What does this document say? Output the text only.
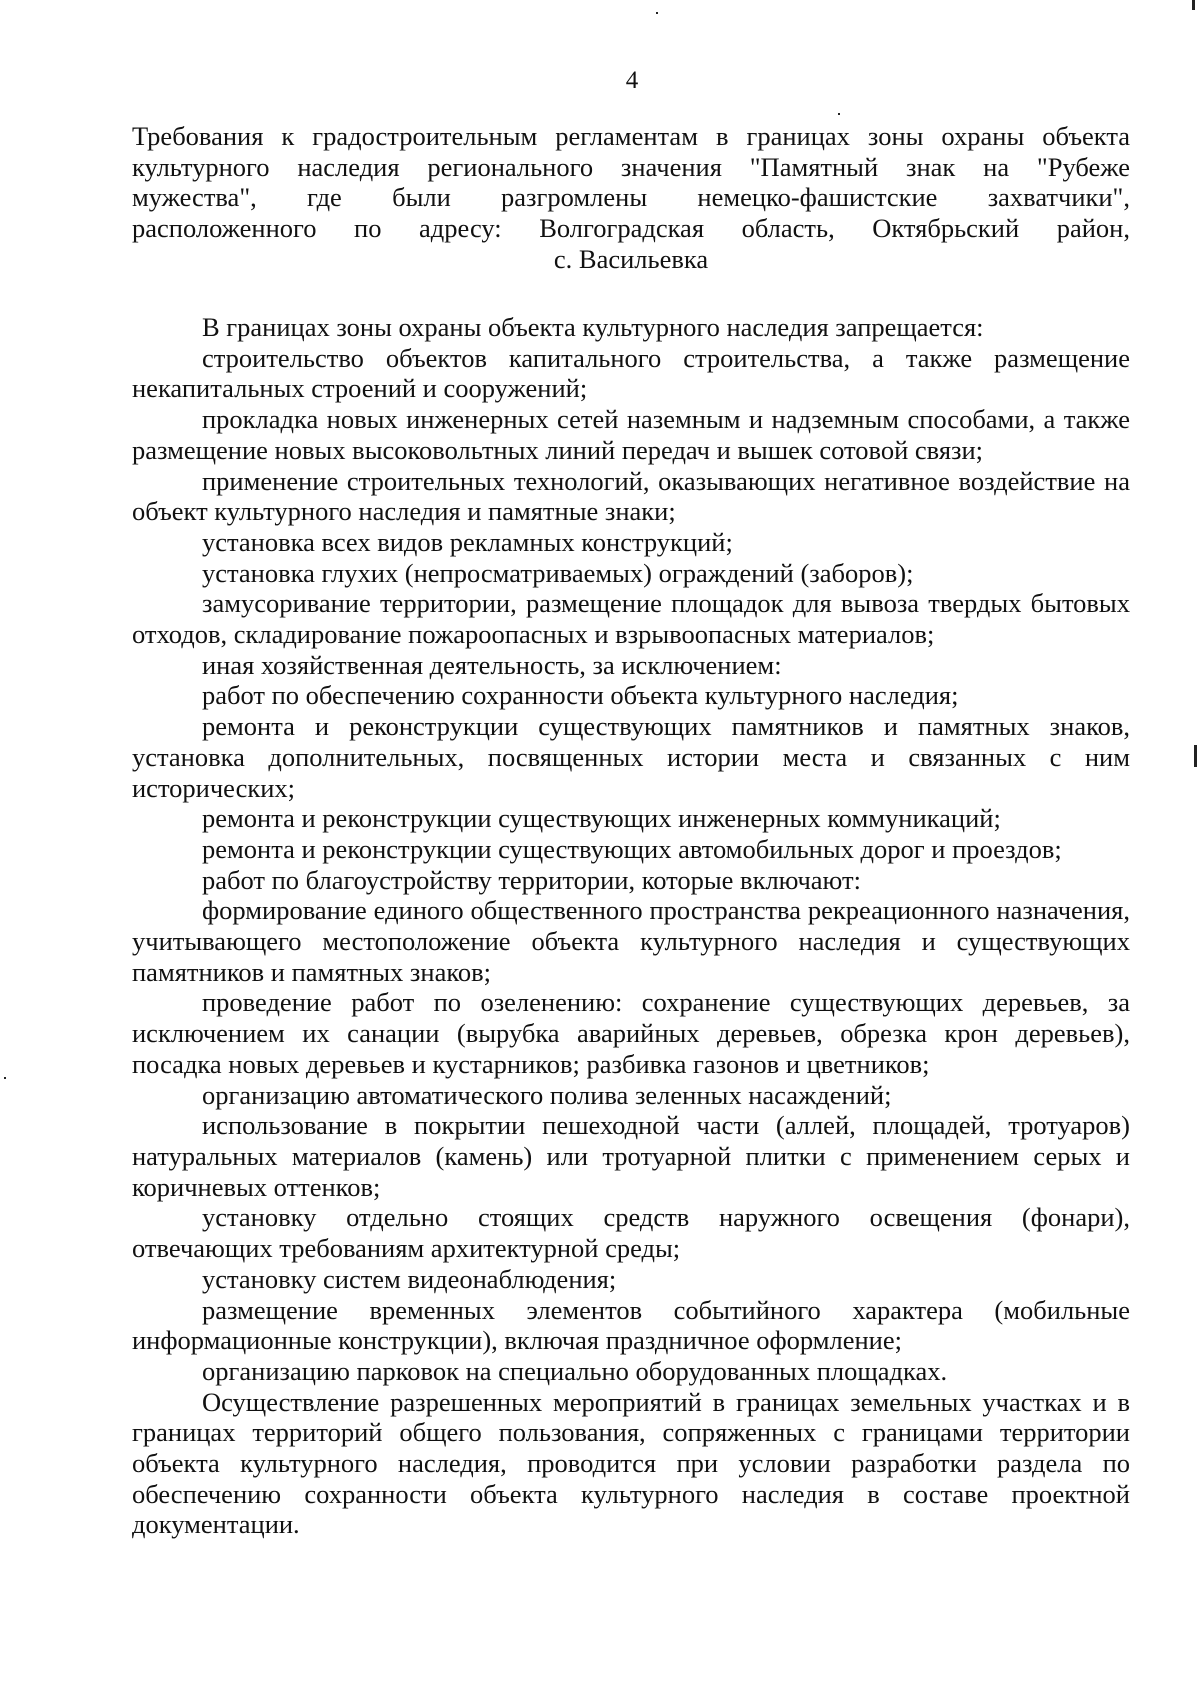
4

Требования к градостроительным регламентам в границах зоны охраны объекта
культурного наследия регионального значения "Памятный знак на "Рубеже
мужества", где были разгромлены немецко-фашистские захватчики",
расположенного по адресу: Волгоградская область, Октябрьский район,
с. Васильевка

В границах зоны охраны объекта культурного наследия запрещается:

строительство объектов капитального строительства, а также размещение некапитальных строений и сооружений;

прокладка новых инженерных сетей наземным и надземным способами, а также размещение новых высоковольтных линий передач и вышек сотовой связи;

применение строительных технологий, оказывающих негативное воздействие на объект культурного наследия и памятные знаки;

установка всех видов рекламных конструкций;

установка глухих (непросматриваемых) ограждений (заборов);

замусоривание территории, размещение площадок для вывоза твердых бытовых отходов, складирование пожароопасных и взрывоопасных материалов;

иная хозяйственная деятельность, за исключением:

работ по обеспечению сохранности объекта культурного наследия;

ремонта и реконструкции существующих памятников и памятных знаков, установка дополнительных, посвященных истории места и связанных с ним исторических;

ремонта и реконструкции существующих инженерных коммуникаций;

ремонта и реконструкции существующих автомобильных дорог и проездов;

работ по благоустройству территории, которые включают:

формирование единого общественного пространства рекреационного назначения, учитывающего местоположение объекта культурного наследия и существующих памятников и памятных знаков;

проведение работ по озеленению: сохранение существующих деревьев, за исключением их санации (вырубка аварийных деревьев, обрезка крон деревьев), посадка новых деревьев и кустарников; разбивка газонов и цветников;

организацию автоматического полива зеленных насаждений;

использование в покрытии пешеходной части (аллей, площадей, тротуаров) натуральных материалов (камень) или тротуарной плитки с применением серых и коричневых оттенков;

установку отдельно стоящих средств наружного освещения (фонари), отвечающих требованиям архитектурной среды;

установку систем видеонаблюдения;

размещение временных элементов событийного характера (мобильные информационные конструкции), включая праздничное оформление;

организацию парковок на специально оборудованных площадках.

Осуществление разрешенных мероприятий в границах земельных участках и в границах территорий общего пользования, сопряженных с границами территории объекта культурного наследия, проводится при условии разработки раздела по обеспечению сохранности объекта культурного наследия в составе проектной документации.
